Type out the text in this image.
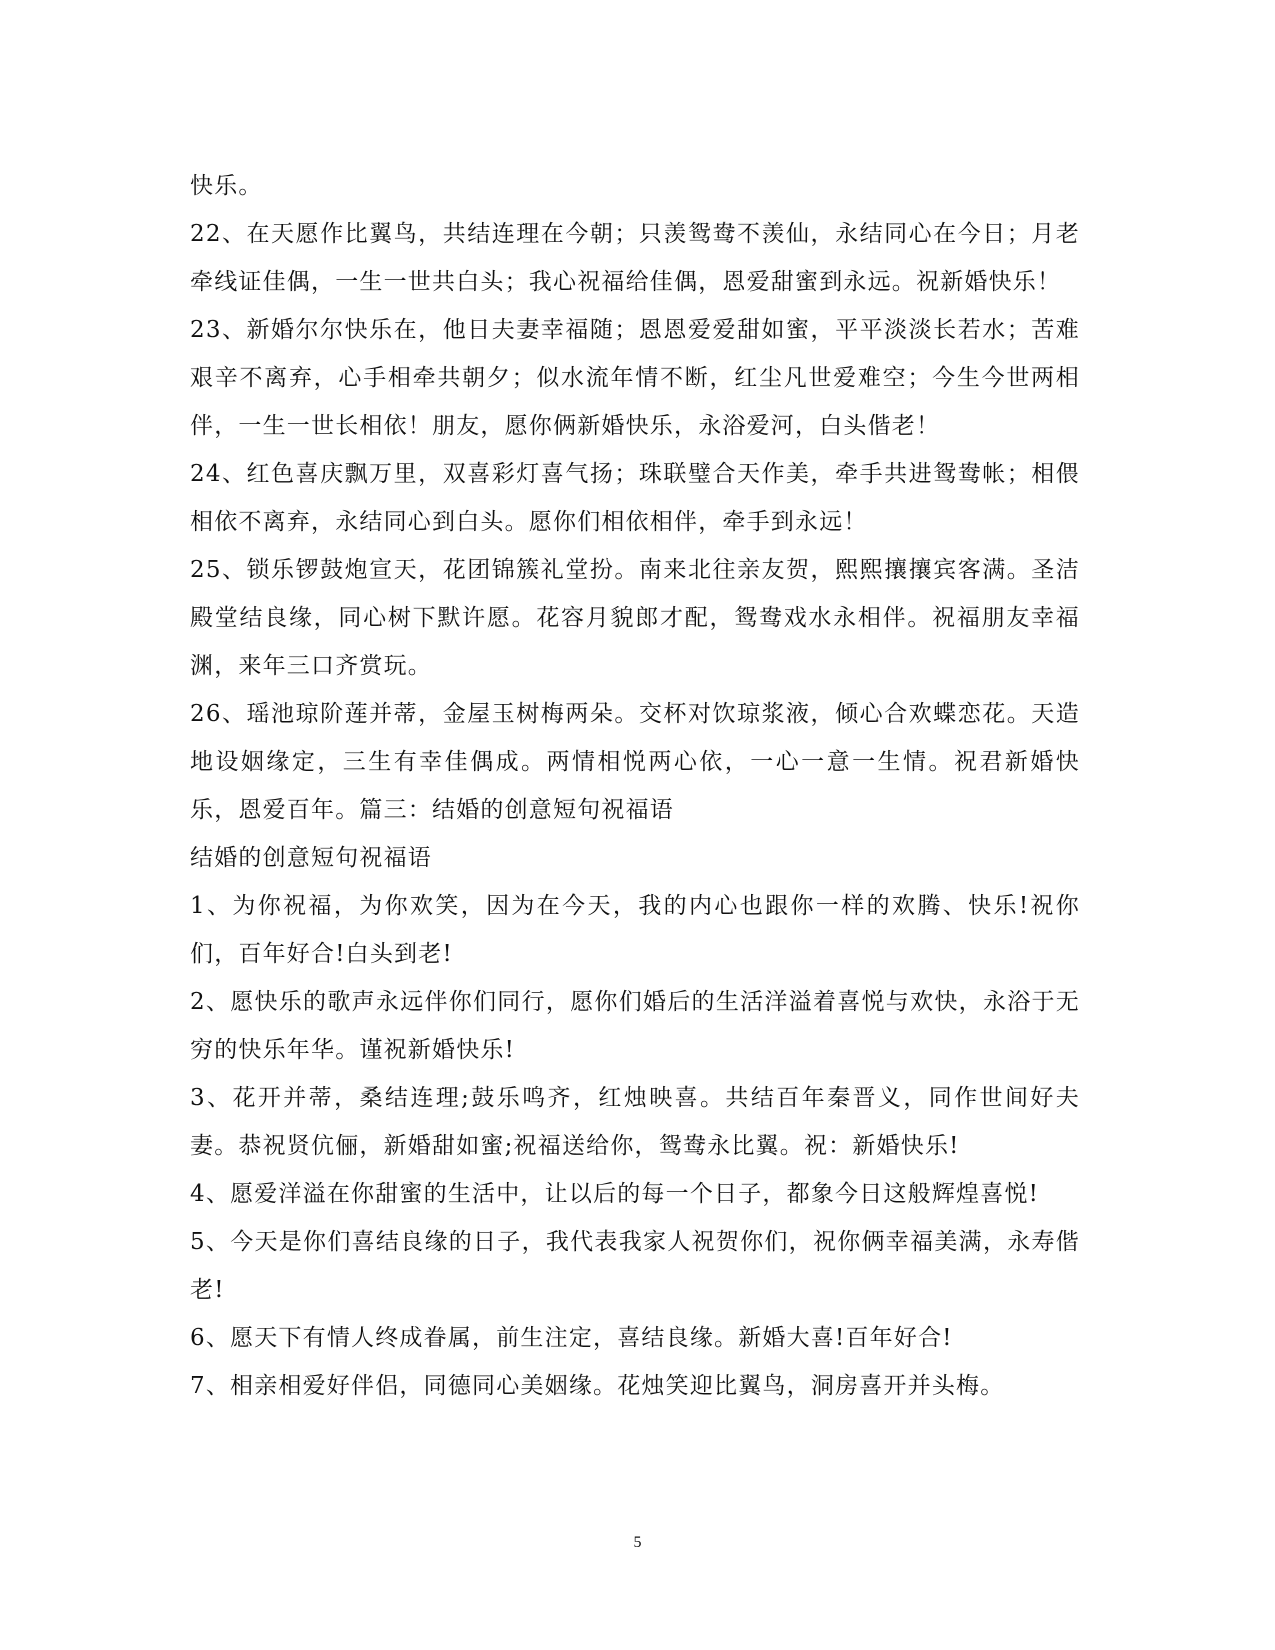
快乐。

22、在天愿作比翼鸟，共结连理在今朝；只羡鸳鸯不羡仙，永结同心在今日；月老牵线证佳偶，一生一世共白头；我心祝福给佳偶，恩爱甜蜜到永远。祝新婚快乐！

23、新婚尔尔快乐在，他日夫妻幸福随；恩恩爱爱甜如蜜，平平淡淡长若水；苦难艰辛不离弃，心手相牵共朝夕；似水流年情不断，红尘凡世爱难空；今生今世两相伴，一生一世长相依！朋友，愿你俩新婚快乐，永浴爱河，白头偕老！

24、红色喜庆飘万里，双喜彩灯喜气扬；珠联璧合天作美，牵手共进鸳鸯帐；相偎相依不离弃，永结同心到白头。愿你们相依相伴，牵手到永远！

25、锁乐锣鼓炮宣天，花团锦簇礼堂扮。南来北往亲友贺，熙熙攘攘宾客满。圣洁殿堂结良缘，同心树下默许愿。花容月貌郎才配，鸳鸯戏水永相伴。祝福朋友幸福渊，来年三口齐赏玩。

26、瑶池琼阶莲并蒂，金屋玉树梅两朵。交杯对饮琼浆液，倾心合欢蝶恋花。天造地设姻缘定，三生有幸佳偶成。两情相悦两心依，一心一意一生情。祝君新婚快乐，恩爱百年。篇三：结婚的创意短句祝福语

结婚的创意短句祝福语

1、为你祝福，为你欢笑，因为在今天，我的内心也跟你一样的欢腾、快乐!祝你们，百年好合!白头到老!

2、愿快乐的歌声永远伴你们同行，愿你们婚后的生活洋溢着喜悦与欢快，永浴于无穷的快乐年华。谨祝新婚快乐!

3、花开并蒂，桑结连理;鼓乐鸣齐，红烛映喜。共结百年秦晋义，同作世间好夫妻。恭祝贤伉俪，新婚甜如蜜;祝福送给你，鸳鸯永比翼。祝：新婚快乐!

4、愿爱洋溢在你甜蜜的生活中，让以后的每一个日子，都象今日这般辉煌喜悦!

5、今天是你们喜结良缘的日子，我代表我家人祝贺你们，祝你俩幸福美满，永寿偕老!

6、愿天下有情人终成眷属，前生注定，喜结良缘。新婚大喜!百年好合!

7、相亲相爱好伴侣，同德同心美姻缘。花烛笑迎比翼鸟，洞房喜开并头梅。

5
